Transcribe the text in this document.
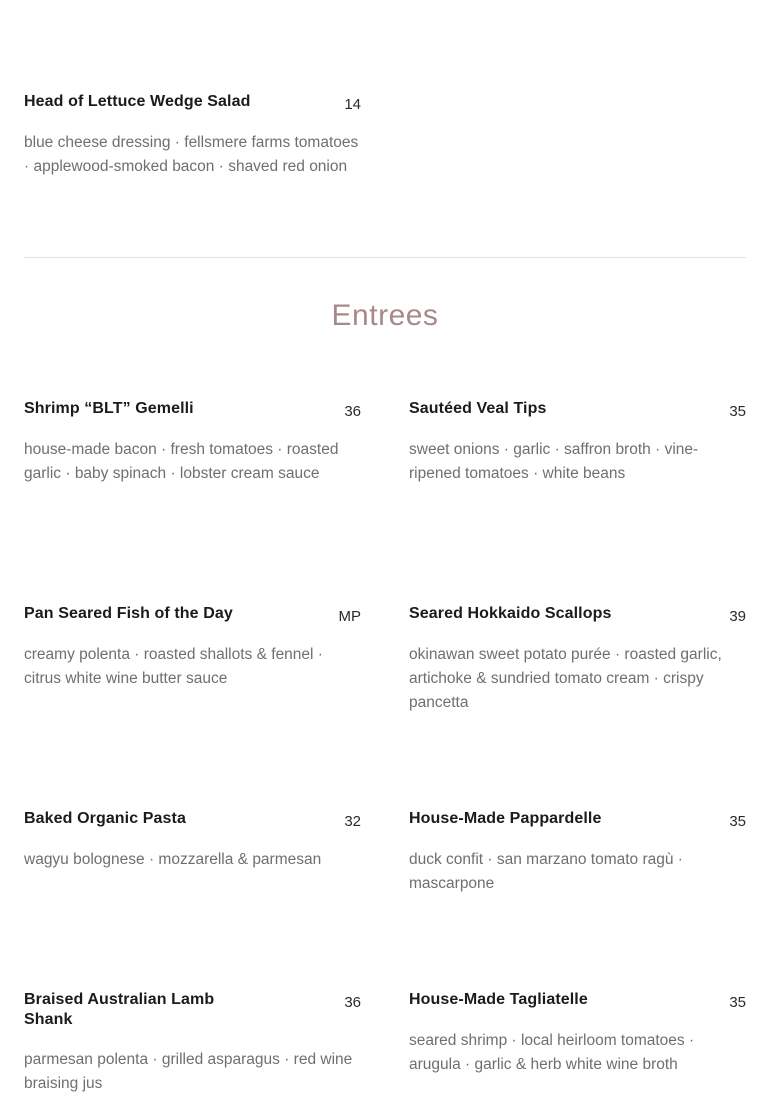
Head of Lettuce Wedge Salad	14
blue cheese dressing · fellsmere farms tomatoes · applewood-smoked bacon · shaved red onion
Entrees
Shrimp “BLT” Gemelli	36
house-made bacon · fresh tomatoes · roasted garlic · baby spinach · lobster cream sauce
Sautéed Veal Tips	35
sweet onions · garlic · saffron broth · vine-ripened tomatoes · white beans
Pan Seared Fish of the Day	MP
creamy polenta · roasted shallots & fennel · citrus white wine butter sauce
Seared Hokkaido Scallops	39
okinawan sweet potato purée · roasted garlic, artichoke & sundried tomato cream · crispy pancetta
Baked Organic Pasta	32
wagyu bolognese · mozzarella & parmesan
House-Made Pappardelle	35
duck confit · san marzano tomato ragù · mascarpone
Braised Australian Lamb Shank
36
parmesan polenta · grilled asparagus · red wine braising jus
House-Made Tagliatelle	35
seared shrimp · local heirloom tomatoes · arugula · garlic & herb white wine broth
